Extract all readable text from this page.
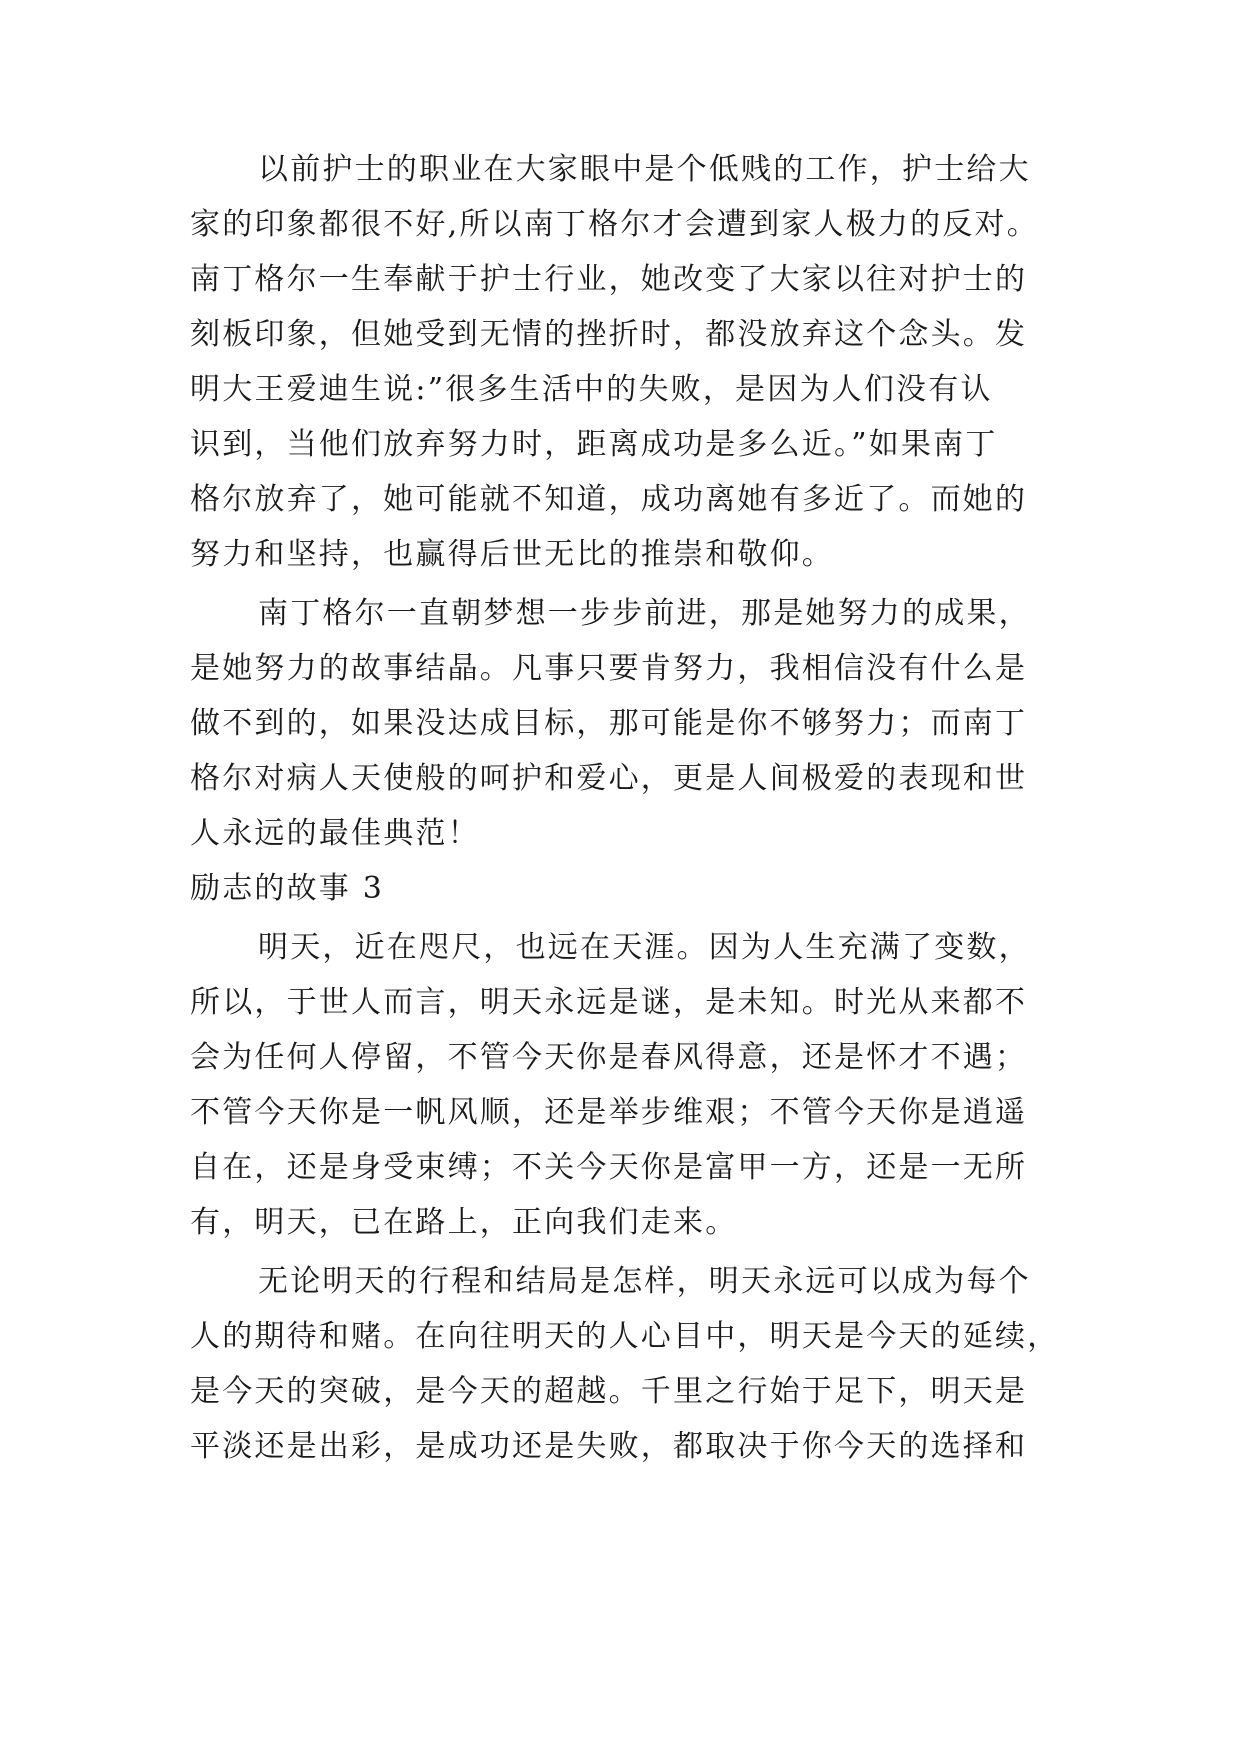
以前护士的职业在大家眼中是个低贱的工作，护士给大
家的印象都很不好,所以南丁格尔才会遭到家人极力的反对。
南丁格尔一生奉献于护士行业，她改变了大家以往对护士的
刻板印象，但她受到无情的挫折时，都没放弃这个念头。发
明大王爱迪生说:”很多生活中的失败，是因为人们没有认
识到，当他们放弃努力时，距离成功是多么近。”如果南丁
格尔放弃了，她可能就不知道，成功离她有多近了。而她的
努力和坚持，也赢得后世无比的推崇和敬仰。
南丁格尔一直朝梦想一步步前进，那是她努力的成果，
是她努力的故事结晶。凡事只要肯努力，我相信没有什么是
做不到的，如果没达成目标，那可能是你不够努力；而南丁
格尔对病人天使般的呵护和爱心，更是人间极爱的表现和世
人永远的最佳典范！
励志的故事 3
明天，近在咫尺，也远在天涯。因为人生充满了变数，
所以，于世人而言，明天永远是谜，是未知。时光从来都不
会为任何人停留，不管今天你是春风得意，还是怀才不遇；
不管今天你是一帆风顺，还是举步维艰；不管今天你是逍遥
自在，还是身受束缚；不关今天你是富甲一方，还是一无所
有，明天，已在路上，正向我们走来。
无论明天的行程和结局是怎样，明天永远可以成为每个
人的期待和赌。在向往明天的人心目中，明天是今天的延续，
是今天的突破，是今天的超越。千里之行始于足下，明天是
平淡还是出彩，是成功还是失败，都取决于你今天的选择和
